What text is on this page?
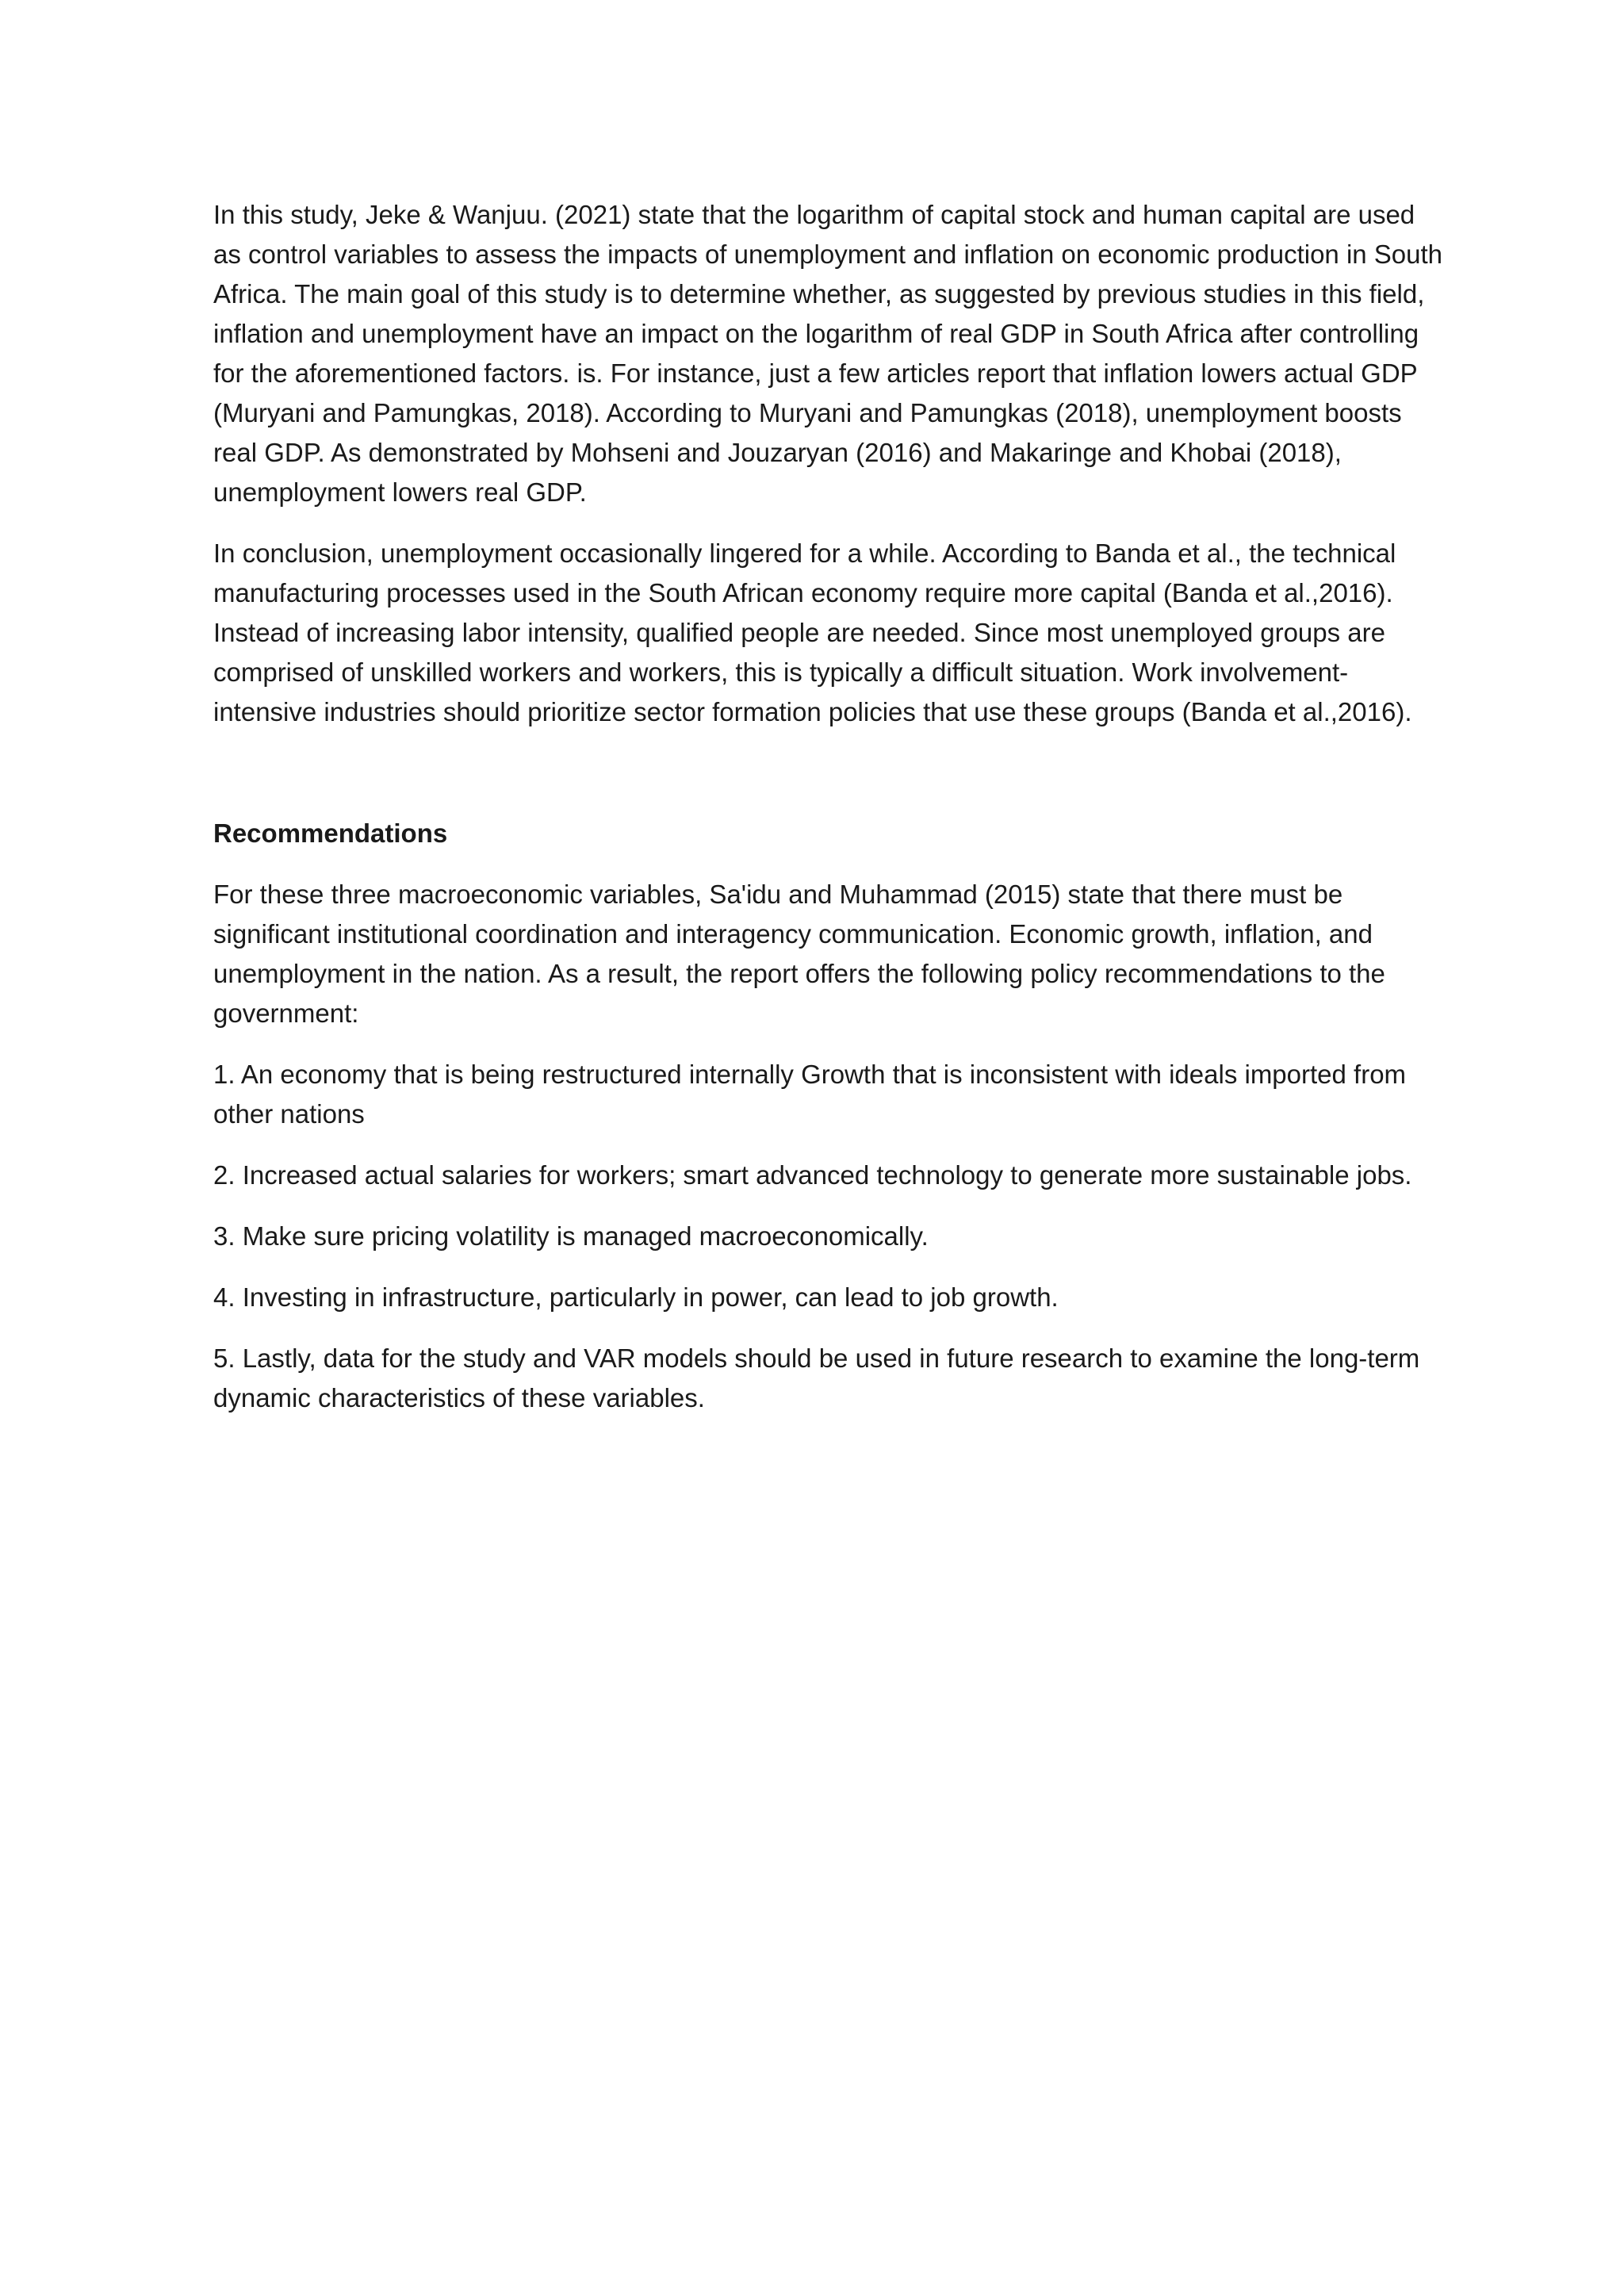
In this study, Jeke & Wanjuu. (2021) state that the logarithm of capital stock and human capital are used as control variables to assess the impacts of unemployment and inflation on economic production in South Africa. The main goal of this study is to determine whether, as suggested by previous studies in this field, inflation and unemployment have an impact on the logarithm of real GDP in South Africa after controlling for the aforementioned factors. is. For instance, just a few articles report that inflation lowers actual GDP (Muryani and Pamungkas, 2018). According to Muryani and Pamungkas (2018), unemployment boosts real GDP. As demonstrated by Mohseni and Jouzaryan (2016) and Makaringe and Khobai (2018), unemployment lowers real GDP.

In conclusion, unemployment occasionally lingered for a while. According to Banda et al., the technical manufacturing processes used in the South African economy require more capital (Banda et al.,2016). Instead of increasing labor intensity, qualified people are needed. Since most unemployed groups are comprised of unskilled workers and workers, this is typically a difficult situation. Work involvement-intensive industries should prioritize sector formation policies that use these groups (Banda et al.,2016).

Recommendations

For these three macroeconomic variables, Sa'idu and Muhammad (2015) state that there must be significant institutional coordination and interagency communication. Economic growth, inflation, and unemployment in the nation. As a result, the report offers the following policy recommendations to the government:

1. An economy that is being restructured internally Growth that is inconsistent with ideals imported from other nations

2. Increased actual salaries for workers; smart advanced technology to generate more sustainable jobs.

3. Make sure pricing volatility is managed macroeconomically.

4. Investing in infrastructure, particularly in power, can lead to job growth.

5. Lastly, data for the study and VAR models should be used in future research to examine the long-term dynamic characteristics of these variables.
